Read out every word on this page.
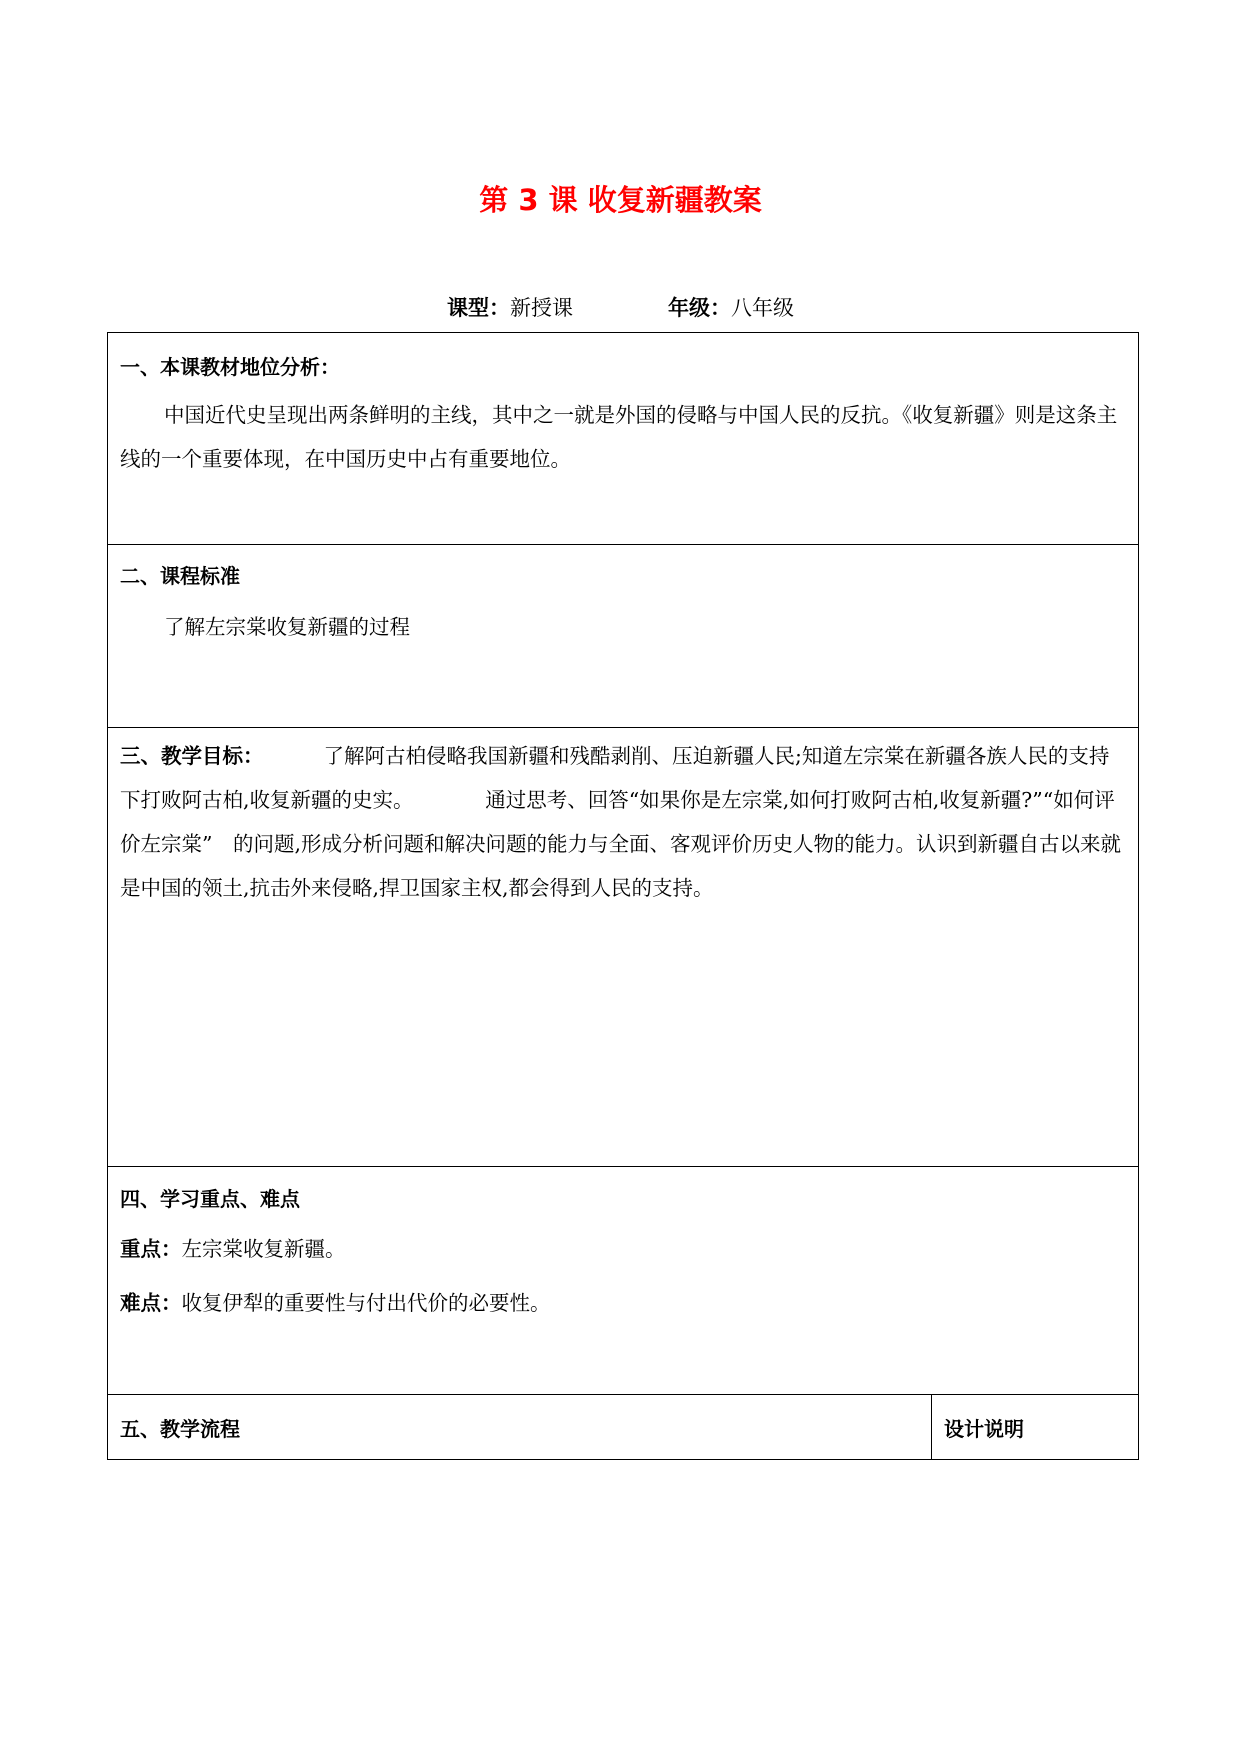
第 3 课 收复新疆教案
课型：新授课	年级：八年级
一、本课教材地位分析：
中国近代史呈现出两条鲜明的主线，其中之一就是外国的侵略与中国人民的反抗。《收复新疆》则是这条主线的一个重要体现，在中国历史中占有重要地位。
二、课程标准
了解左宗棠收复新疆的过程
三、教学目标：	了解阿古柏侵略我国新疆和残酷剥削、压迫新疆人民;知道左宗棠在新疆各族人民的支持下打败阿古柏,收复新疆的史实。　　　　通过思考、回答“如果你是左宗棠,如何打败阿古柏,收复新疆?”“如何评价左宗棠”　的问题,形成分析问题和解决问题的能力与全面、客观评价历史人物的能力。认识到新疆自古以来就是中国的领土,抗击外来侵略,捍卫国家主权,都会得到人民的支持。
四、学习重点、难点
重点：左宗棠收复新疆。
难点：收复伊犁的重要性与付出代价的必要性。
五、教学流程	设计说明
